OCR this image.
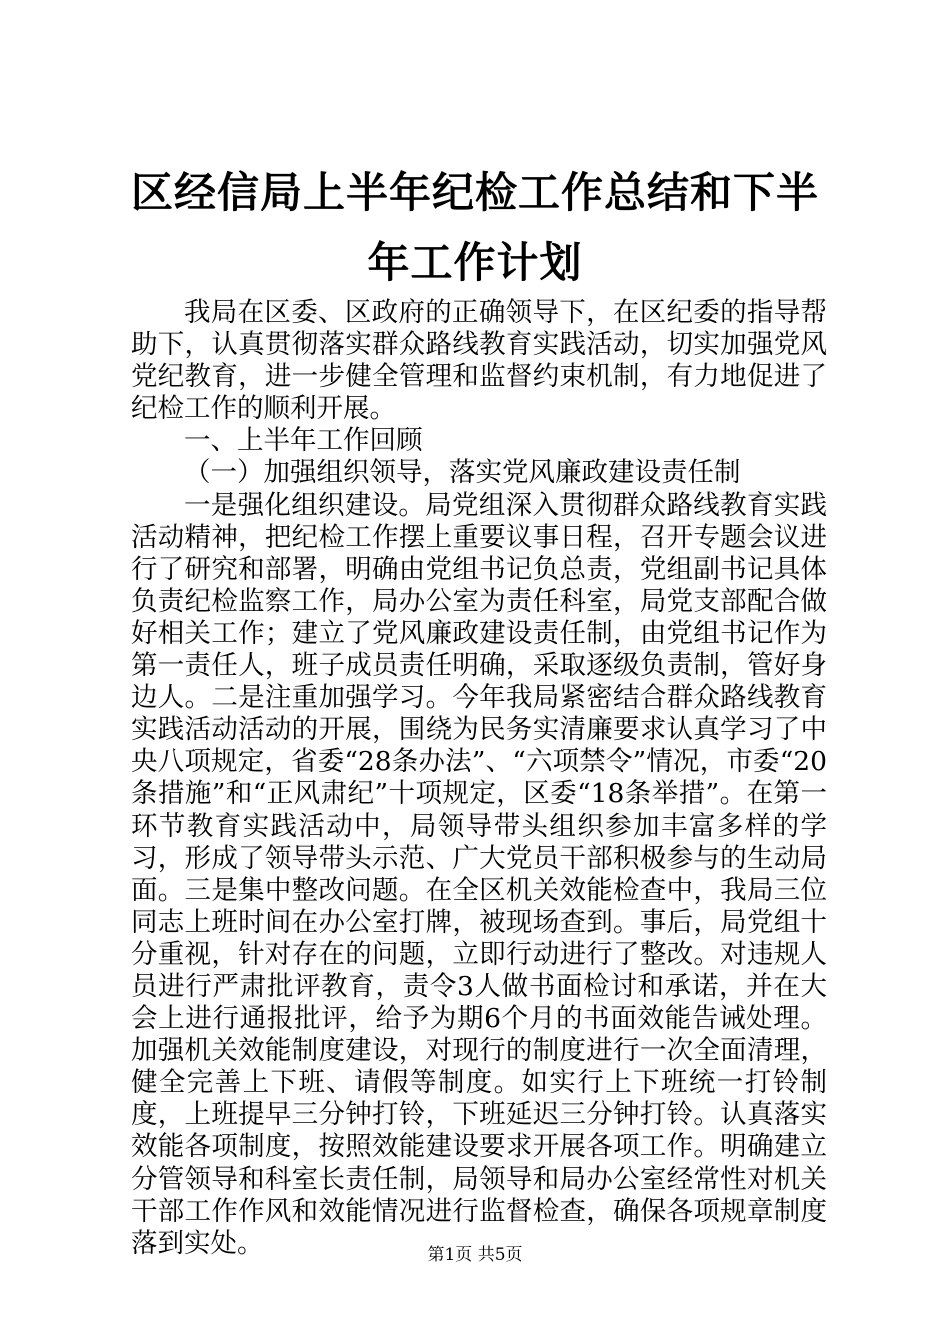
区经信局上半年纪检工作总结和下半年工作计划

我局在区委、区政府的正确领导下，在区纪委的指导帮助下，认真贯彻落实群众路线教育实践活动，切实加强党风党纪教育，进一步健全管理和监督约束机制，有力地促进了纪检工作的顺利开展。

一、上半年工作回顾

（一）加强组织领导，落实党风廉政建设责任制

一是强化组织建设。局党组深入贯彻群众路线教育实践活动精神，把纪检工作摆上重要议事日程，召开专题会议进行了研究和部署，明确由党组书记负总责，党组副书记具体负责纪检监察工作，局办公室为责任科室，局党支部配合做好相关工作；建立了党风廉政建设责任制，由党组书记作为第一责任人，班子成员责任明确，采取逐级负责制，管好身边人。二是注重加强学习。今年我局紧密结合群众路线教育实践活动活动的开展，围绕为民务实清廉要求认真学习了中央八项规定，省委“28条办法”、“六项禁令”情况，市委“20条措施”和“正风肃纪”十项规定，区委“18条举措”。在第一环节教育实践活动中，局领导带头组织参加丰富多样的学习，形成了领导带头示范、广大党员干部积极参与的生动局面。三是集中整改问题。在全区机关效能检查中，我局三位同志上班时间在办公室打牌，被现场查到。事后，局党组十分重视，针对存在的问题，立即行动进行了整改。对违规人员进行严肃批评教育，责令3人做书面检讨和承诺，并在大会上进行通报批评，给予为期6个月的书面效能告诫处理。加强机关效能制度建设，对现行的制度进行一次全面清理，健全完善上下班、请假等制度。如实行上下班统一打铃制度，上班提早三分钟打铃，下班延迟三分钟打铃。认真落实效能各项制度，按照效能建设要求开展各项工作。明确建立分管领导和科室长责任制，局领导和局办公室经常性对机关干部工作作风和效能情况进行监督检查，确保各项规章制度落到实处。	第1页 共5页
